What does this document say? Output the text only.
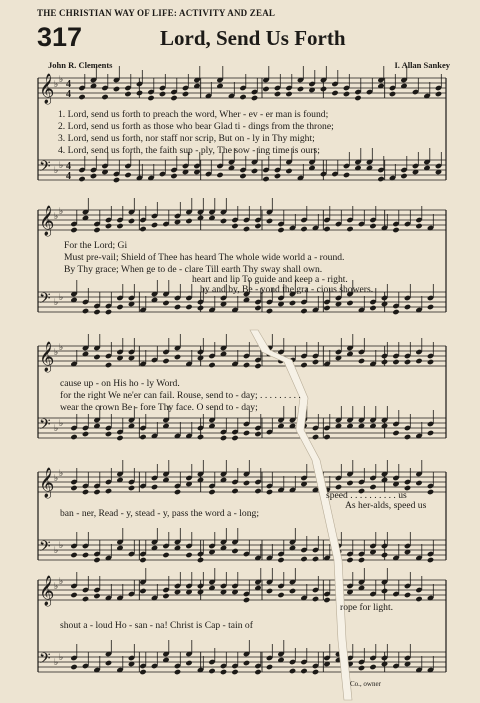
THE CHRISTIAN WAY OF LIFE: ACTIVITY AND ZEAL
317	Lord, Send Us Forth
John R. Clements	I. Allan Sankey
𝄞 ♭ ♭ 4
4
𝄢 ♭ ♭ 4
4
𝄞 ♭ ♭
𝄢 ♭ ♭
𝄞 ♭ ♭
𝄢 ♭ ♭
𝄞 ♭ ♭
𝄢 ♭ ♭
𝄞 ♭ ♭
𝄢 ♭ ♭
1. Lord, send us forth to preach the word, Wher - ev - er man is found;
2. Lord, send us forth as those who bear Glad ti - dings from the throne;
3. Lord, send us forth, nor staff nor scrip, But on - ly in Thy might;
4. Lord, send us forth, the faith sup - ply, The sow - ing time is ours;
For the Lord; Gi
Must pre-vail; Shield of Thee has heard The whole wide world a - round.
By Thy grace; When ge to de - clare Till earth Thy sway shall own.
heart and lip To guide and keep a - right.
by and by, Be - yond the gra - cious showers.
cause up - on His ho - ly Word.
for the right We ne'er can fail. Rouse, send to - day; . . . . . . . . .
wear the crown Be - fore Thy face. O send to - day;
speed . . . . . . . . . . us
ban - ner, Read - y, stead - y, pass the word a - long;
As her-alds, speed us
rope for light.
shout a - loud Ho - san - na! Christ is Cap - tain of
Co., owner
